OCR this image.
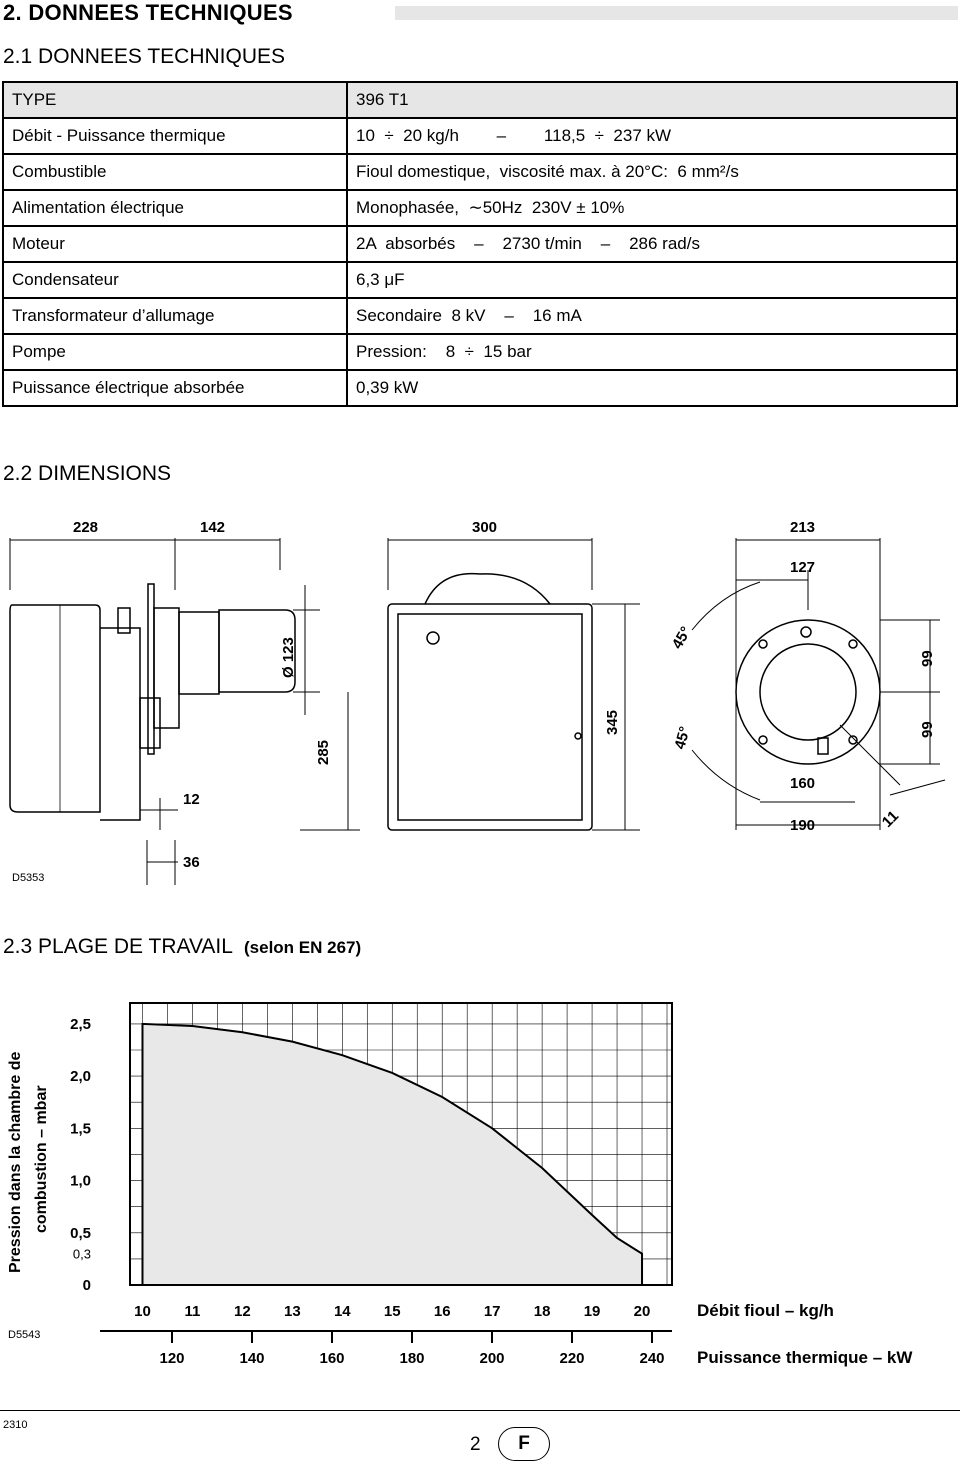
2. DONNEES TECHNIQUES
2.1 DONNEES TECHNIQUES
TYPE	396 T1
Débit - Puissance thermique	10  ÷  20 kg/h        –        118,5  ÷  237 kW
Combustible	Fioul domestique,  viscosité max. à 20°C:  6 mm²/s
Alimentation électrique	Monophasée,  ∼50Hz  230V ± 10%
Moteur	2A  absorbés    –    2730 t/min    –    286 rad/s
Condensateur	6,3 μF
Transformateur d’allumage	Secondaire  8 kV    –    16 mA
Pompe	Pression:    8  ÷  15 bar
Puissance électrique absorbée	0,39 kW
2.2 DIMENSIONS
228	142	300	213
127
Ø 123
285
345
12
36
160
190
99
99
45°
45°
11
D5353
2.3 PLAGE DE TRAVAIL (selon EN 267)
10 11 12 13 14 15 16 17 18 19 20
120	140	160	180	200	220	240
0
0,3
0,5
1,0
1,5
2,0
2,5
Débit fioul – kg/h
Puissance thermique – kW
Pression dans la chambre de combustion – mbar
D5543
2310
2	F
